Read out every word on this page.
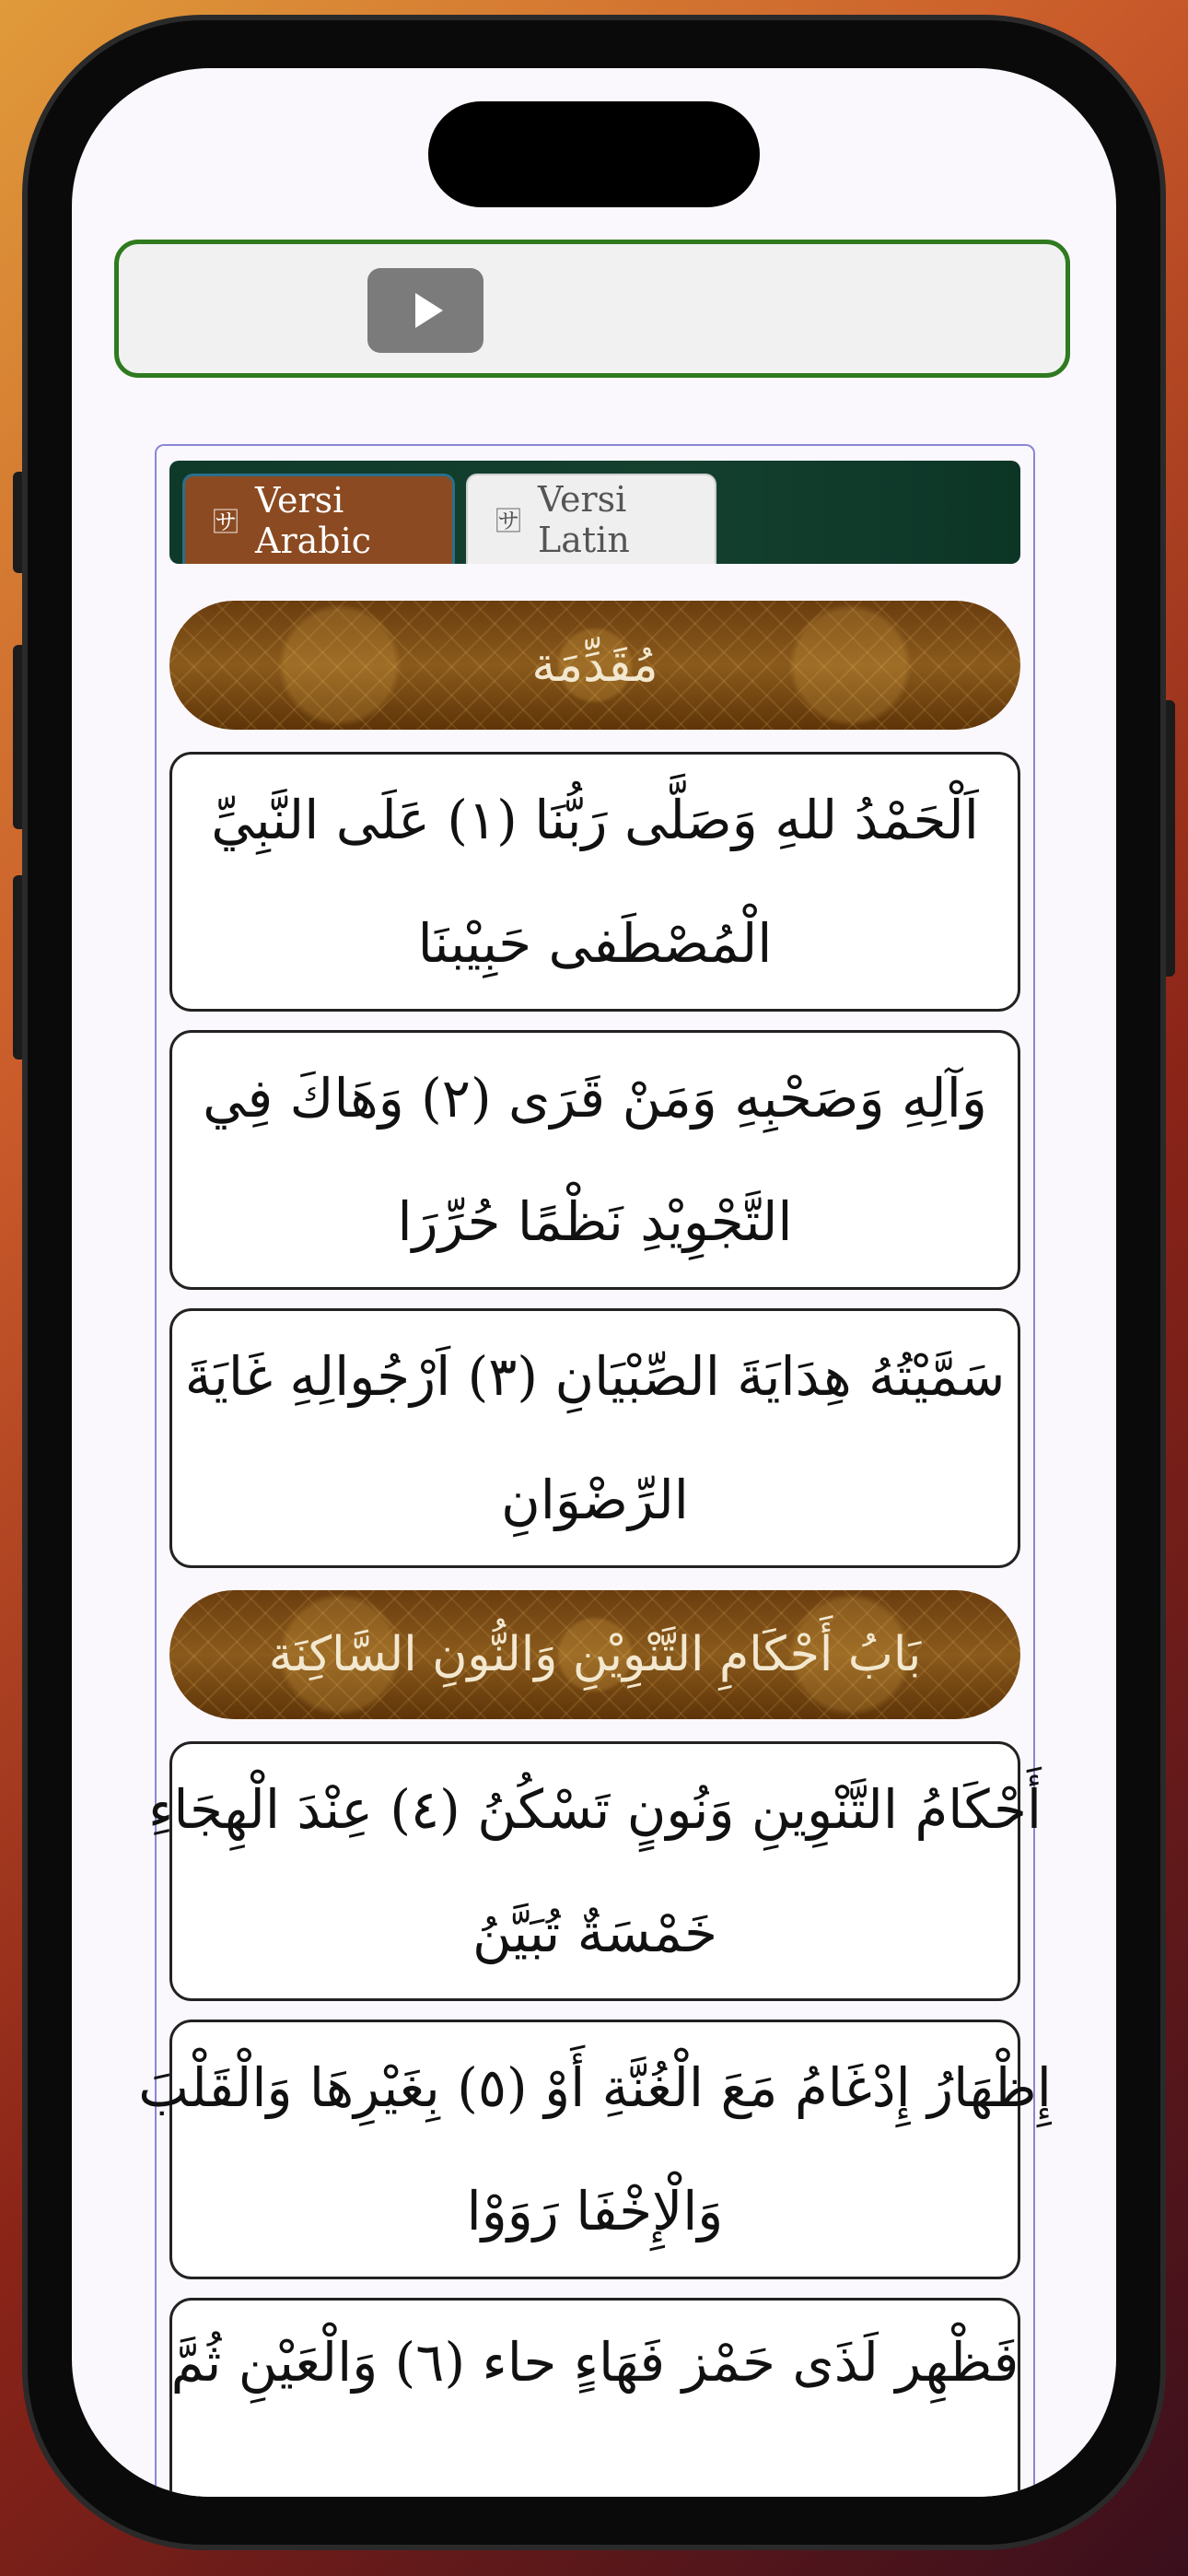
🈂
Versi Arabic	🈂
Versi Latin
مُقَدِّمَة
اَلْحَمْدُ للهِ وَصَلَّى رَبُّنَا (١) عَلَى النَّبِيِّ
الْمُصْطَفى حَبِيْبنَا
وَآلِهِ وَصَحْبِهِ وَمَنْ قَرَى (٢) وَهَاكَ فِي
التَّجْوِيْدِ نَظْمًا حُرِّرَا
سَمَّيْتُهُ هِدَايَةَ الصِّبْيَانِ (٣) اَرْجُوالِهِ غَايَةَ
الرِّضْوَانِ
بَابُ أَحْكَامِ التَّنْوِيْنِ وَالنُّونِ السَّاكِنَة
أَحْكَامُ التَّنْوِينِ وَنُونٍ تَسْكُنُ (٤) عِنْدَ الْهِجَاءِ
خَمْسَةٌ تُبَيَّنُ
إِظْهَارُ إِدْغَامُ مَعَ الْغُنَّةِ أَوْ (٥) بِغَيْرِهَا وَالْقَلْبَ
وَالْإِخْفَا رَوَوْا
فَظْهِر لَذَى حَمْز فَهَاءٍ حاء (٦) وَالْعَيْنِ ثُمَّ
